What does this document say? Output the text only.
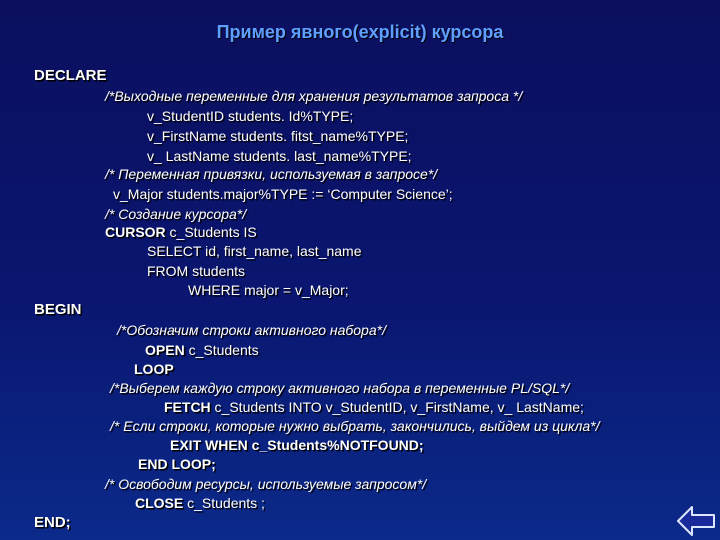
Пример явного(explicit) курсора
DECLARE
/*Выходные переменные для хранения результатов запроса */
v_StudentID students. Id%TYPE;
v_FirstName students. fitst_name%TYPE;
v_ LastName students. last_name%TYPE;
/* Переменная привязки, используемая в запросе*/
v_Major students.major%TYPE := ‘Computer Science’;
/* Создание курсора*/
CURSOR c_Students IS
SELECT id, first_name, last_name
FROM students
WHERE major = v_Major;
BEGIN
/*Обозначим строки активного набора*/
OPEN c_Students
LOOP
/*Выберем каждую строку активного набора в переменные PL/SQL*/
FETCH c_Students INTO v_StudentID, v_FirstName, v_ LastName;
/* Если строки, которые нужно выбрать, закончились, выйдем из цикла*/
EXIT WHEN c_Students%NOTFOUND;
END LOOP;
/* Освободим ресурсы, используемые запросом*/
CLOSE c_Students ;
END;
